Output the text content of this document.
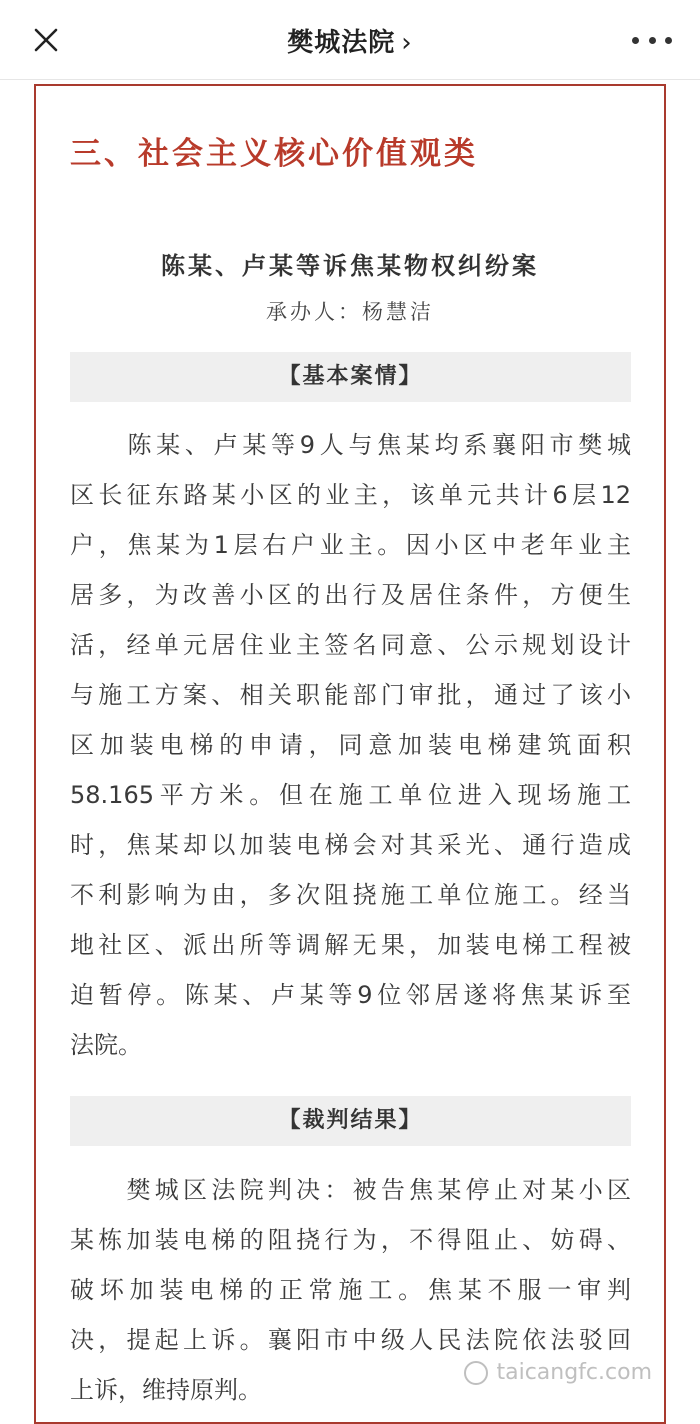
樊城法院 ›
三、社会主义核心价值观类
陈某、卢某等诉焦某物权纠纷案
承办人：杨慧洁
【基本案情】
　　陈某、卢某等9人与焦某均系襄阳市樊城
区长征东路某小区的业主，该单元共计6层12
户，焦某为1层右户业主。因小区中老年业主
居多，为改善小区的出行及居住条件，方便生
活，经单元居住业主签名同意、公示规划设计
与施工方案、相关职能部门审批，通过了该小
区加装电梯的申请，同意加装电梯建筑面积
58.165平方米。但在施工单位进入现场施工
时，焦某却以加装电梯会对其采光、通行造成
不利影响为由，多次阻挠施工单位施工。经当
地社区、派出所等调解无果，加装电梯工程被
迫暂停。陈某、卢某等9位邻居遂将焦某诉至
法院。
【裁判结果】
　　樊城区法院判决：被告焦某停止对某小区
某栋加装电梯的阻挠行为，不得阻止、妨碍、
破坏加装电梯的正常施工。焦某不服一审判
决，提起上诉。襄阳市中级人民法院依法驳回
上诉，维持原判。
taicangfc.com
